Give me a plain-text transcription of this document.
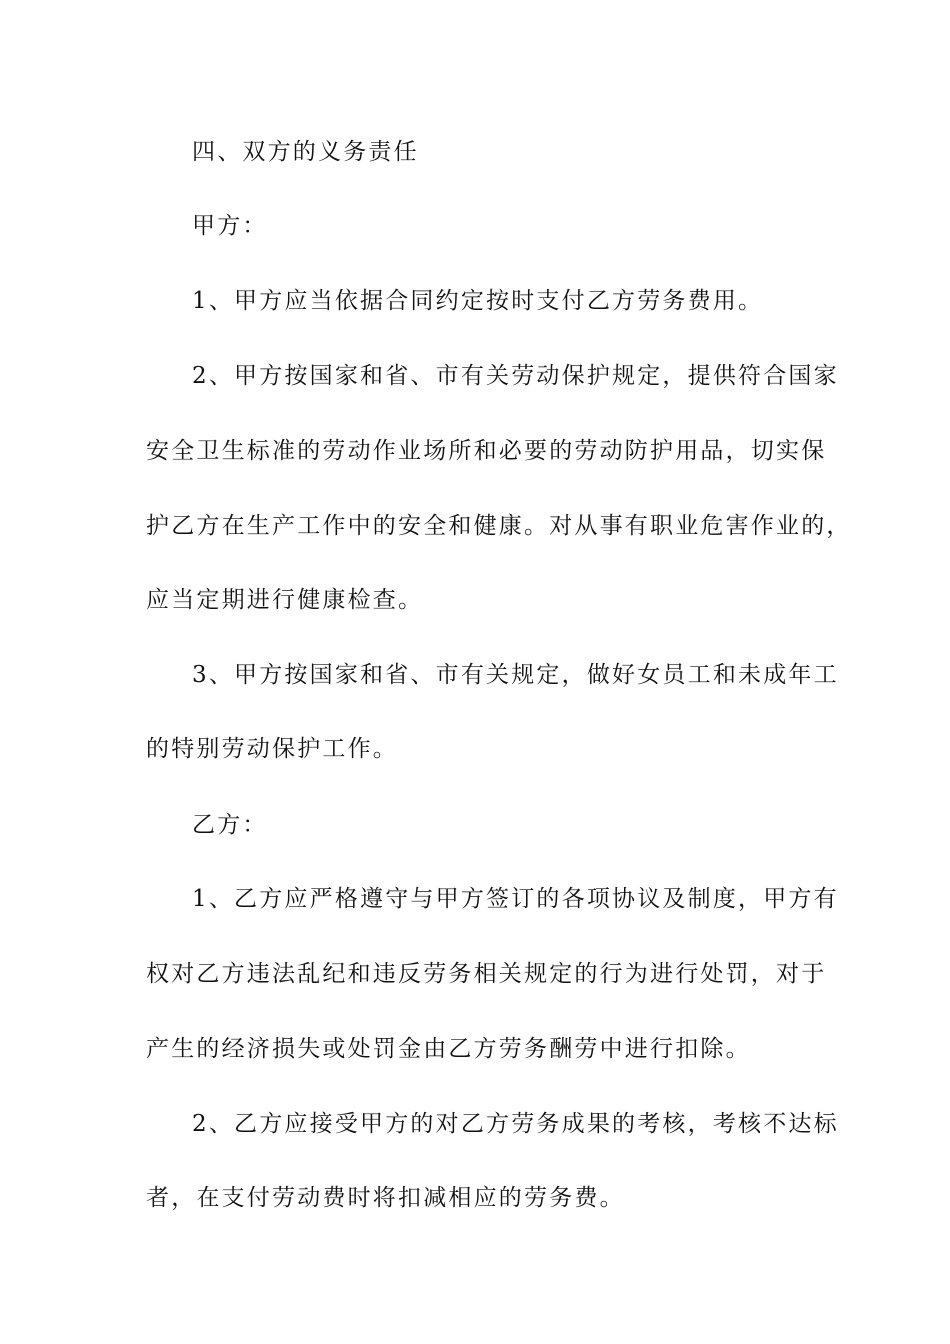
四、双方的义务责任
甲方：
1、甲方应当依据合同约定按时支付乙方劳务费用。
2、甲方按国家和省、市有关劳动保护规定，提供符合国家
安全卫生标准的劳动作业场所和必要的劳动防护用品，切实保
护乙方在生产工作中的安全和健康。对从事有职业危害作业的，
应当定期进行健康检查。
3、甲方按国家和省、市有关规定，做好女员工和未成年工
的特别劳动保护工作。
乙方：
1、乙方应严格遵守与甲方签订的各项协议及制度，甲方有
权对乙方违法乱纪和违反劳务相关规定的行为进行处罚，对于
产生的经济损失或处罚金由乙方劳务酬劳中进行扣除。
2、乙方应接受甲方的对乙方劳务成果的考核，考核不达标
者，在支付劳动费时将扣减相应的劳务费。
